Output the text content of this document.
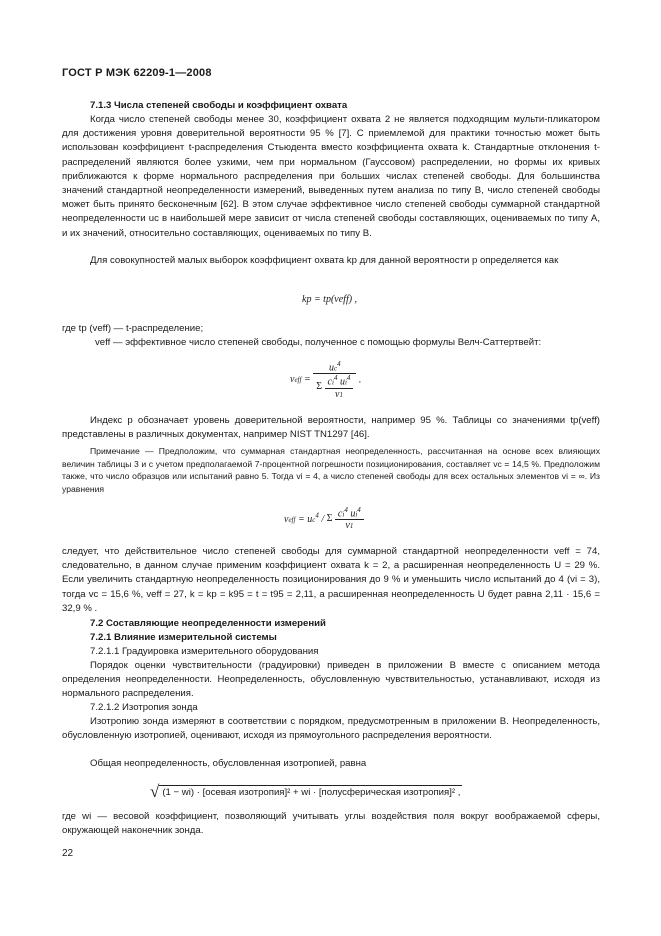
ГОСТ Р МЭК 62209-1—2008

7.1.3 Числа степеней свободы и коэффициент охвата

Когда число степеней свободы менее 30, коэффициент охвата 2 не является подходящим мульти-пликатором для достижения уровня доверительной вероятности 95 % [7]. С приемлемой для практики точностью может быть использован коэффициент t-распределения Стьюдента вместо коэффициента охвата k. Стандартные отклонения t-распределений являются более узкими, чем при нормальном (Гауссовом) распределении, но формы их кривых приближаются к форме нормального распределения при больших числах степеней свободы. Для большинства значений стандартной неопределенности измерений, выведенных путем анализа по типу В, число степеней свободы может быть принято бесконечным [62]. В этом случае эффективное число степеней свободы суммарной стандартной неопределенности uc в наибольшей мере зависит от числа степеней свободы составляющих, оцениваемых по типу А, и их значений, относительно составляющих, оцениваемых по типу В.

Для совокупностей малых выборок коэффициент охвата kp для данной вероятности р определяется как

kp = tp(veff) ,

где tp (veff) — t-распределение;

veff — эффективное число степеней свободы, полученное с помощью формулы Велч-Саттертвейт:

veff = $\frac{uc^4}{\Sigma \frac{ci^4 ui^4}{v1}}$ .

Индекс р обозначает уровень доверительной вероятности, например 95 %. Таблицы со значениями tp(veff) представлены в различных документах, например NIST TN1297 [46].

Примечание — Предположим, что суммарная стандартная неопределенность, рассчитанная на основе всех влияющих величин таблицы 3 и с учетом предполагаемой 7-процентной погрешности позиционирования, составляет vc = 14,5 %. Предположим также, что число образцов или испытаний равно 5. Тогда vi = 4, а число степеней свободы для всех остальных элементов vi = ∞. Из уравнения

veff = $uc^4$ / Σ $\frac{ci^4 ui^4}{v1}$

следует, что действительное число степеней свободы для суммарной стандартной неопределенности veff = 74, следовательно, в данном случае применим коэффициент охвата k = 2, а расширенная неопределенность U = 29 %. Если увеличить стандартную неопределенность позиционирования до 9 % и уменьшить число испытаний до 4 (vi = 3), тогда vc = 15,6 %, veff = 27, k = kp = k95 = t = t95 = 2,11, а расширенная неопределенность U будет равна 2,11 · 15,6 = 32,9 % .

7.2 Составляющие неопределенности измерений

7.2.1 Влияние измерительной системы

7.2.1.1 Градуировка измерительного оборудования

Порядок оценки чувствительности (градуировки) приведен в приложении В вместе с описанием метода определения неопределенности. Неопределенность, обусловленную чувствительностью, устанавливают, исходя из нормального распределения.

7.2.1.2 Изотропия зонда

Изотропию зонда измеряют в соответствии с порядком, предусмотренным в приложении В. Неопределенность, обусловленную изотропией, оценивают, исходя из прямоугольного распределения вероятности.

Общая неопределенность, обусловленная изотропией, равна

√ (1 − wi) · [осевая изотропия]² + wi · [полусферическая изотропия]² ,

где wi — весовой коэффициент, позволяющий учитывать углы воздействия поля вокруг воображаемой сферы, окружающей наконечник зонда.

22
